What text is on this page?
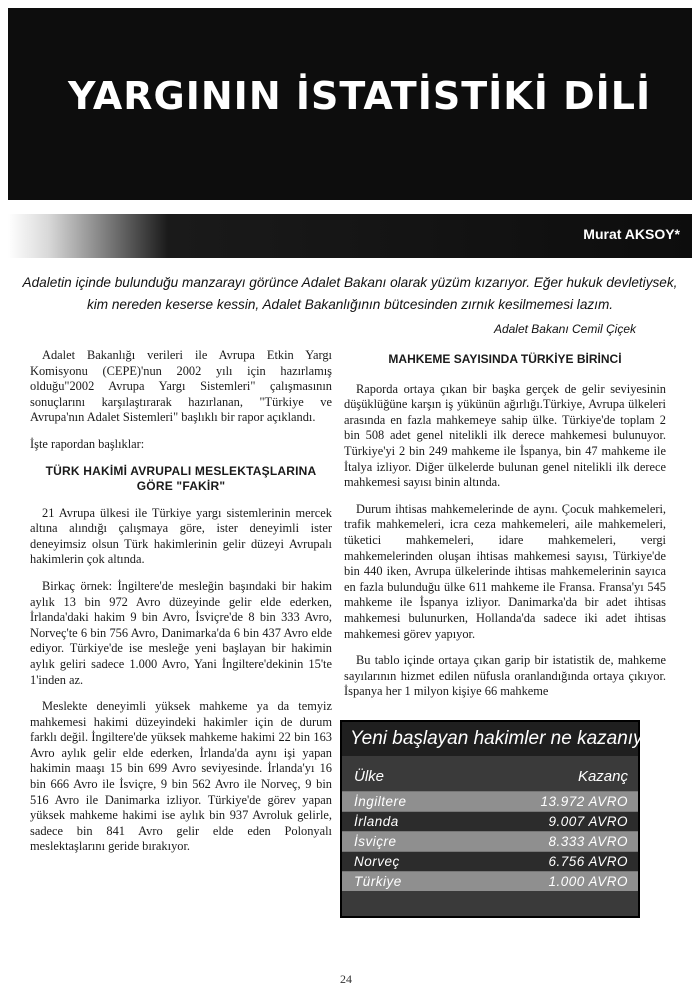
YARGININ İSTATİSTİKİ DİLİ
Murat AKSOY*
Adaletin içinde bulunduğu manzarayı görünce Adalet Bakanı olarak yüzüm kızarıyor. Eğer hukuk devletiysek, kim nereden keserse kessin, Adalet Bakanlığının bütcesinden zırnık kesilmemesi lazım.
Adalet Bakanı Cemil Çiçek

Adalet Bakanlığı verileri ile Avrupa Etkin Yargı Komisyonu (CEPE)'nun 2002 yılı için hazırlamış olduğu"2002 Avrupa Yargı Sistemleri" çalışmasının sonuçlarını karşılaştırarak hazırlanan, "Türkiye ve Avrupa'nın Adalet Sistemleri" başlıklı bir rapor açıklandı.

İşte rapordan başlıklar:

TÜRK HAKİMİ AVRUPALI MESLEKTAŞLARINA GÖRE "FAKİR"

21 Avrupa ülkesi ile Türkiye yargı sistemlerinin mercek altına alındığı çalışmaya göre, ister deneyimli ister deneyimsiz olsun Türk hakimlerinin gelir düzeyi Avrupalı hakimlerin çok altında.

Birkaç örnek: İngiltere'de mesleğin başındaki bir hakim aylık 13 bin 972 Avro düzeyinde gelir elde ederken, İrlanda'daki hakim 9 bin Avro, İsviçre'de 8 bin 333 Avro, Norveç'te 6 bin 756 Avro, Danimarka'da 6 bin 437 Avro elde ediyor. Türkiye'de ise mesleğe yeni başlayan bir hakimin aylık geliri sadece 1.000 Avro, Yani İngiltere'dekinin 15'te 1'inden az.

Meslekte deneyimli yüksek mahkeme ya da temyiz mahkemesi hakimi düzeyindeki hakimler için de durum farklı değil. İngiltere'de yüksek mahkeme hakimi 22 bin 163 Avro aylık gelir elde ederken, İrlanda'da aynı işi yapan hakimin maaşı 15 bin 699 Avro seviyesinde. İrlanda'yı 16 bin 666 Avro ile İsviçre, 9 bin 562 Avro ile Norveç, 9 bin 516 Avro ile Danimarka izliyor. Türkiye'de görev yapan yüksek mahkeme hakimi ise aylık bin 937 Avroluk gelirle, sadece bin 841 Avro gelir elde eden Polonyalı meslektaşlarını geride bırakıyor.

MAHKEME SAYISINDA TÜRKİYE BİRİNCİ

Raporda ortaya çıkan bir başka gerçek de gelir seviyesinin düşüklüğüne karşın iş yükünün ağırlığı.Türkiye, Avrupa ülkeleri arasında en fazla mahkemeye sahip ülke. Türkiye'de toplam 2 bin 508 adet genel nitelikli ilk derece mahkemesi bulunuyor. Türkiye'yi 2 bin 249 mahkeme ile İspanya, bin 47 mahkeme ile İtalya izliyor. Diğer ülkelerde bulunan genel nitelikli ilk derece mahkemesi sayısı binin altında.

Durum ihtisas mahkemelerinde de aynı. Çocuk mahkemeleri, trafik mahkemeleri, icra ceza mahkemeleri, aile mahkemeleri, tüketici mahkemeleri, idare mahkemeleri, vergi mahkemelerinden oluşan ihtisas mahkemesi sayısı, Türkiye'de bin 440 iken, Avrupa ülkelerinde ihtisas mahkemelerinin sayıca en fazla bulunduğu ülke 611 mahkeme ile Fransa. Fransa'yı 545 mahkeme ile İspanya izliyor. Danimarka'da bir adet ihtisas mahkemesi bulunurken, Hollanda'da sadece iki adet ihtisas mahkemesi görev yapıyor.

Bu tablo içinde ortaya çıkan garip bir istatistik de, mahkeme sayılarının hizmet edilen nüfusla oranlandığında ortaya çıkıyor. İspanya her 1 milyon kişiye 66 mahkeme

Yeni başlayan hakimler ne kazanıyor?
Ülke	Kazanç
İngiltere	13.972 AVRO
İrlanda	9.007 AVRO
İsviçre	8.333 AVRO
Norveç	6.756 AVRO
Türkiye	1.000 AVRO
24
